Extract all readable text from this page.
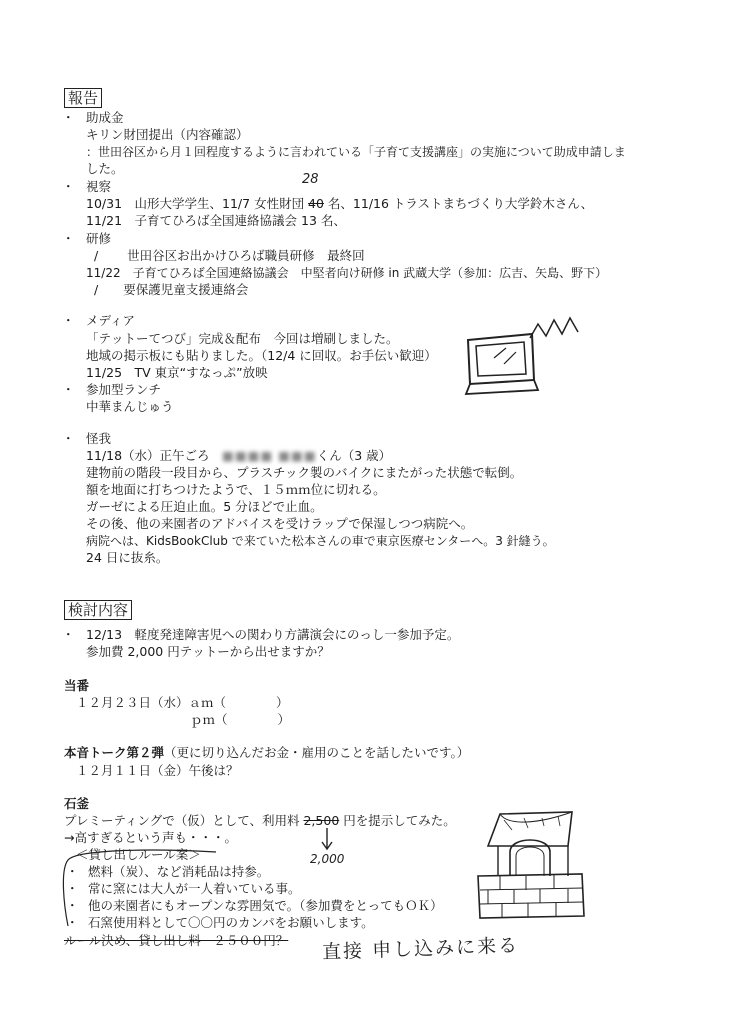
報告
・ 助成金
キリン財団提出（内容確認）
：世田谷区から月１回程度するように言われている「子育て支援講座」の実施について助成申請しま
した。
・ 視察	28
10/31　山形大学学生、11/7 女性財団 40 名、11/16 トラストまちづくり大学鈴木さん、
11/21　子育てひろば全国連絡協議会 13 名、
・ 研修
/　　 世田谷区お出かけひろば職員研修　最終回
11/22　子育てひろば全国連絡協議会　中堅者向け研修 in 武蔵大学（参加：広吉、矢島、野下）
/　　要保護児童支援連絡会
・ メディア
「テットーてつび」完成＆配布　今回は増刷しました。
地域の掲示板にも貼りました。（12/4 に回収。お手伝い歓迎）
11/25　TV 東京“すなっぷ”放映
・ 参加型ランチ
中華まんじゅう
・ 怪我
11/18（水）正午ごろ　■■■■ ■■■くん（3 歳）
建物前の階段一段目から、プラスチック製のバイクにまたがった状態で転倒。
額を地面に打ちつけたようで、１５ｍｍ位に切れる。
ガーゼによる圧迫止血。5 分ほどで止血。
その後、他の来園者のアドバイスを受けラップで保湿しつつ病院へ。
病院へは、KidsBookClub で来ていた松本さんの車で東京医療センターへ。3 針縫う。
24 日に抜糸。
検討内容
・ 12/13　軽度発達障害児への関わり方講演会にのっし一参加予定。
参加費 2,000 円テットーから出せますか？
当番
１２月２３日（水）ａｍ（　　　　）
ｐｍ（　　　　）
本音トーク第２弾（更に切り込んだお金・雇用のことを話したいです。）
１２月１１日（金）午後は？
石釜
プレミーティングで（仮）として、利用料 2,500 円を提示してみた。
2,000
→高すぎるという声も・・・。
＜貸し出しルール案＞
・ 燃料（炭）、など消耗品は持参。
・ 常に窯には大人が一人着いている事。
・ 他の来園者にもオープンな雰囲気で。（参加費をとってもＯＫ）
・ 石窯使用料として〇〇円のカンパをお願いします。
ルール決め、貸し出し料　２５００円？ 直接 申し込みに来る
